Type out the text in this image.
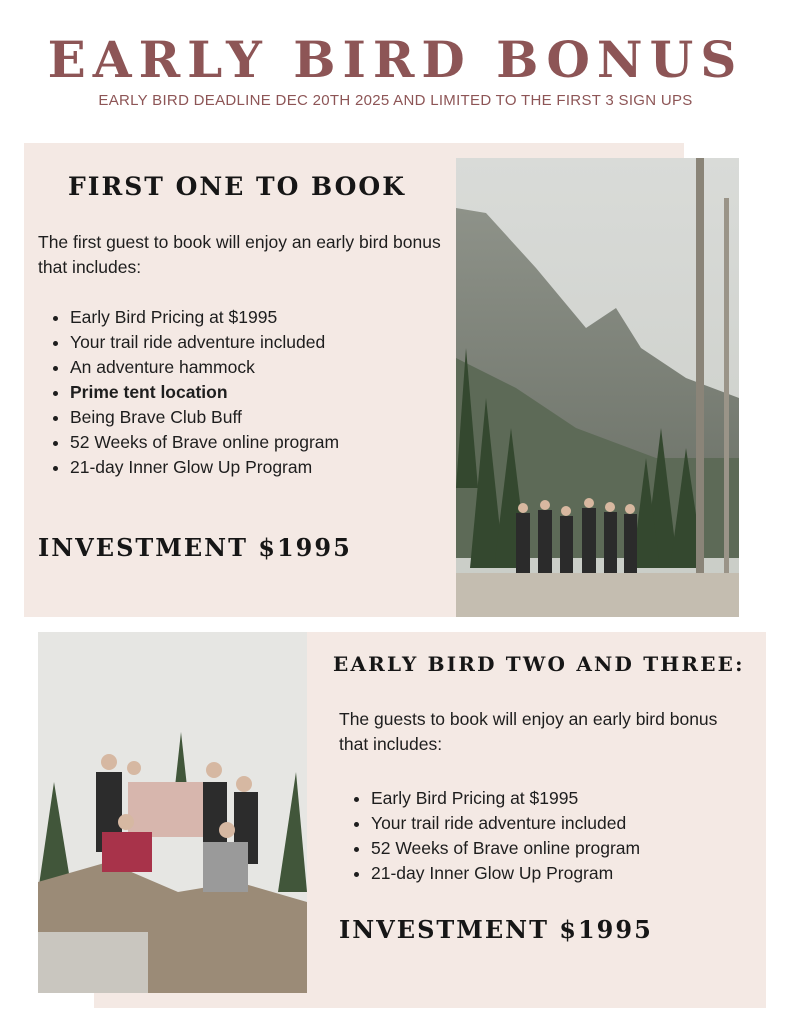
EARLY BIRD BONUS
EARLY BIRD DEADLINE DEC 20TH 2025 AND LIMITED TO THE FIRST 3 SIGN UPS
FIRST ONE TO BOOK

The first guest to book will enjoy an early bird bonus that includes:

• Early Bird Pricing at $1995
• Your trail ride adventure included
• An adventure hammock
• Prime tent location
• Being Brave Club Buff
• 52 Weeks of Brave online program
• 21-day Inner Glow Up Program
INVESTMENT $1995
EARLY BIRD TWO AND THREE:

The guests to book will enjoy an early bird bonus that includes:

• Early Bird Pricing at $1995
• Your trail ride adventure included
• 52 Weeks of Brave online program
• 21-day Inner Glow Up Program
INVESTMENT $1995
